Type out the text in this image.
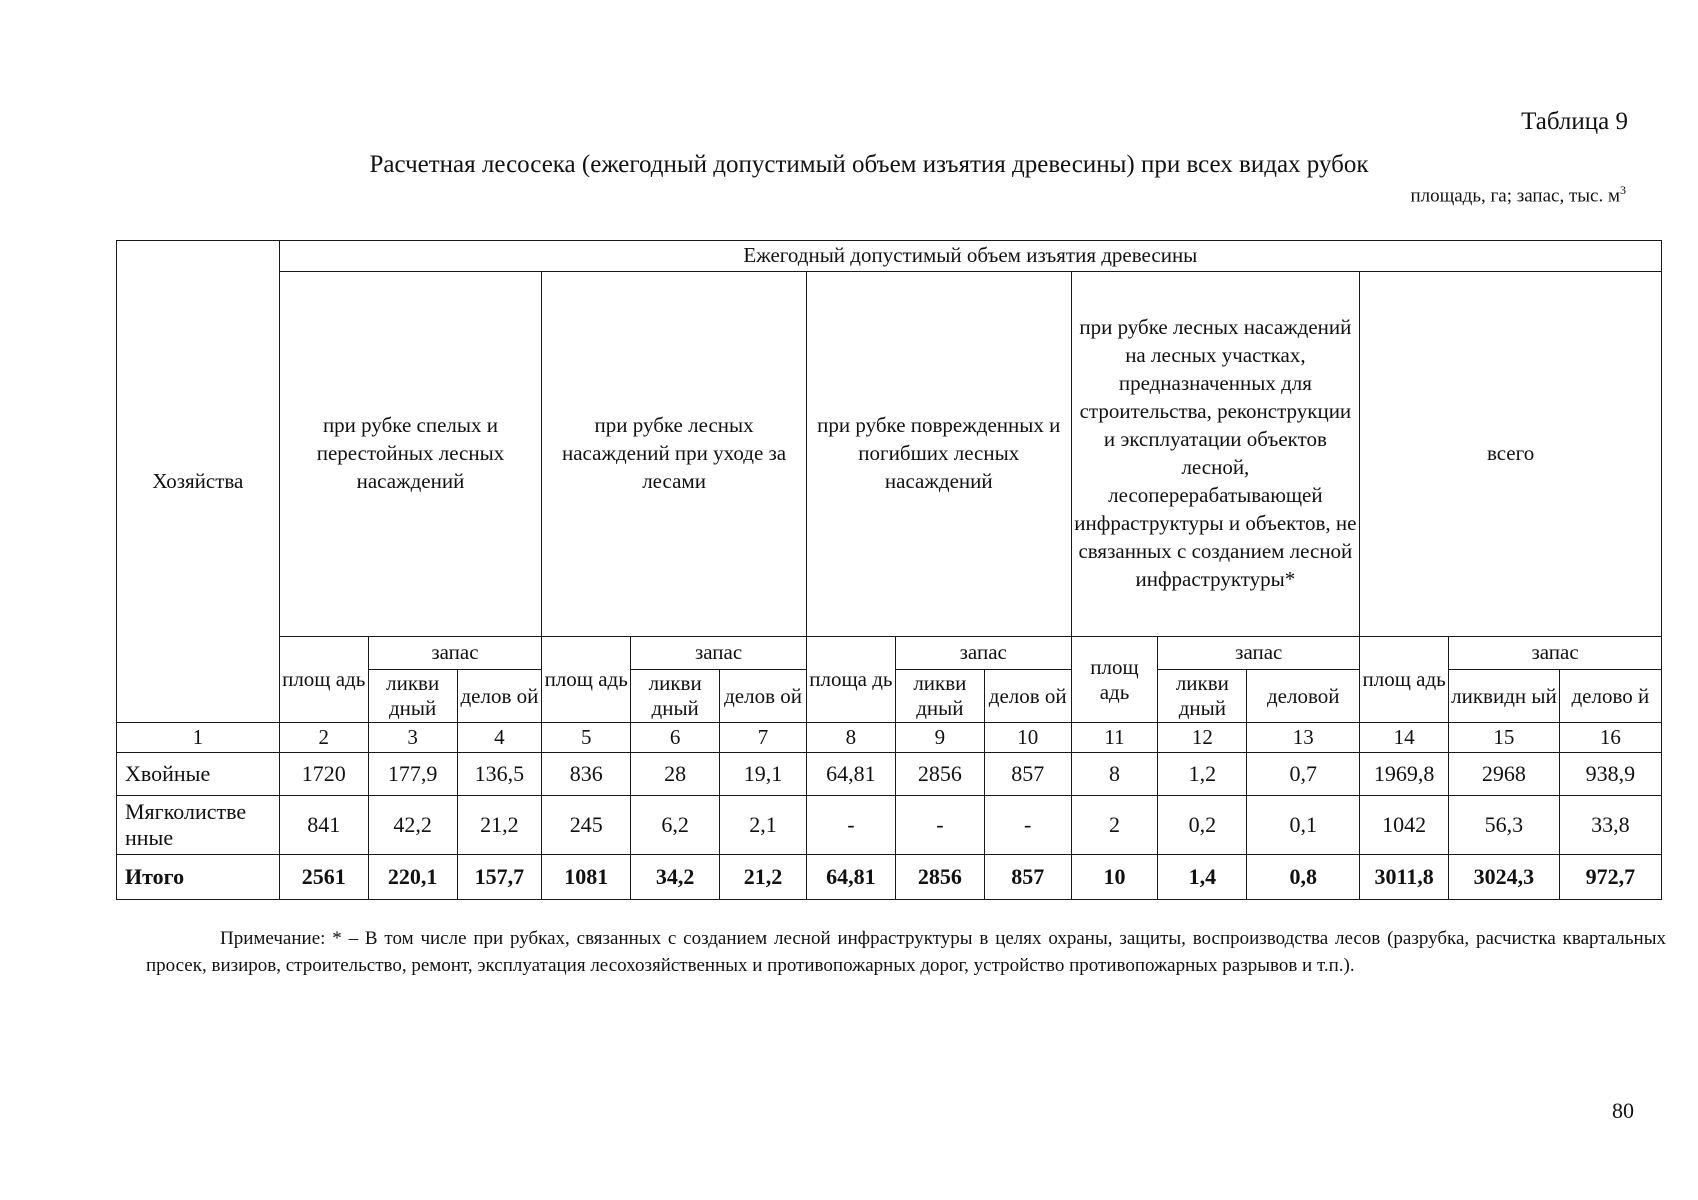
Таблица 9
Расчетная лесосека (ежегодный допустимый объем изъятия древесины) при всех видах рубок
площадь, га; запас, тыс. $м^3$
Хозяйства	Ежегодный допустимый объем изъятия древесины														
	при рубке спелых и перестойных лесных насаждений			при рубке лесных насаждений при уходе за лесами			при рубке поврежденных и погибших лесных насаждений			при рубке лесных насаждений на лесных участках, предназначенных для строительства, реконструкции и эксплуатации объектов лесной, лесоперерабатывающей инфраструктуры и объектов, не связанных с созданием лесной инфраструктуры*			всего		
	площ адь	запас		площ адь	запас		площа дь	запас		площ адь	запас		площ адь	запас	
		ликви дный	делов ой		ликви дный	делов ой		ликви дный	делов ой		ликви дный	деловой		ликвидн ый	делово й
1	2	3	4	5	6	7	8	9	10	11	12	13	14	15	16
Хвойные	1720	177,9	136,5	836	28	19,1	64,81	2856	857	8	1,2	0,7	1969,8	2968	938,9
Мягколистве нные	841	42,2	21,2	245	6,2	2,1	-	-	-	2	0,2	0,1	1042	56,3	33,8
Итого	2561	220,1	157,7	1081	34,2	21,2	64,81	2856	857	10	1,4	0,8	3011,8	3024,3	972,7
Примечание: * – В том числе при рубках, связанных с созданием лесной инфраструктуры в целях охраны, защиты, воспроизводства лесов (разрубка, расчистка квартальных просек, визиров, строительство, ремонт, эксплуатация лесохозяйственных и противопожарных дорог, устройство противопожарных разрывов и т.п.).
80
